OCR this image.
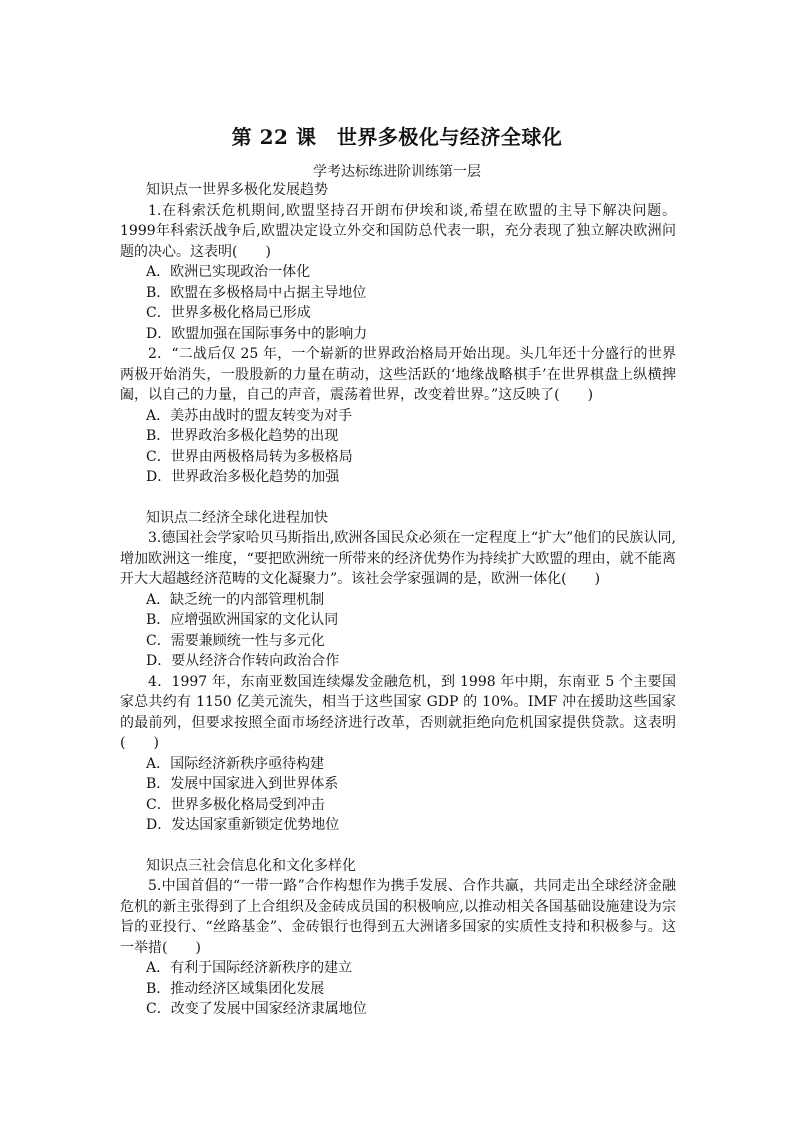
第 22 课　世界多极化与经济全球化
学考达标练进阶训练第一层

知识点一世界多极化发展趋势

1.在科索沃危机期间,欧盟坚持召开朗布伊埃和谈,希望在欧盟的主导下解决问题。1999年科索沃战争后,欧盟决定设立外交和国防总代表一职，充分表现了独立解决欧洲问题的决心。这表明(　　)

A．欧洲已实现政治一体化

B．欧盟在多极格局中占据主导地位

C．世界多极化格局已形成

D．欧盟加强在国际事务中的影响力

2．“二战后仅 25 年，一个崭新的世界政治格局开始出现。头几年还十分盛行的世界两极开始消失，一股股新的力量在萌动，这些活跃的‘地缘战略棋手’在世界棋盘上纵横捭阖，以自己的力量，自己的声音，震荡着世界，改变着世界。”这反映了(　　)

A．美苏由战时的盟友转变为对手

B．世界政治多极化趋势的出现

C．世界由两极格局转为多极格局

D．世界政治多极化趋势的加强

知识点二经济全球化进程加快

3.德国社会学家哈贝马斯指出,欧洲各国民众必须在一定程度上“扩大”他们的民族认同,增加欧洲这一维度，“要把欧洲统一所带来的经济优势作为持续扩大欧盟的理由，就不能离开大大超越经济范畴的文化凝聚力”。该社会学家强调的是，欧洲一体化(　　)

A．缺乏统一的内部管理机制

B．应增强欧洲国家的文化认同

C．需要兼顾统一性与多元化

D．要从经济合作转向政治合作

4．1997 年，东南亚数国连续爆发金融危机，到 1998 年中期，东南亚 5 个主要国家总共约有 1150 亿美元流失，相当于这些国家 GDP 的 10%。IMF 冲在援助这些国家的最前列，但要求按照全面市场经济进行改革，否则就拒绝向危机国家提供贷款。这表明(　　)

A．国际经济新秩序亟待构建

B．发展中国家进入到世界体系

C．世界多极化格局受到冲击

D．发达国家重新锁定优势地位

知识点三社会信息化和文化多样化

5.中国首倡的“一带一路”合作构想作为携手发展、合作共赢，共同走出全球经济金融危机的新主张得到了上合组织及金砖成员国的积极响应,以推动相关各国基础设施建设为宗旨的亚投行、“丝路基金”、金砖银行也得到五大洲诸多国家的实质性支持和积极参与。这一举措(　　)

A．有利于国际经济新秩序的建立

B．推动经济区域集团化发展

C．改变了发展中国家经济隶属地位
